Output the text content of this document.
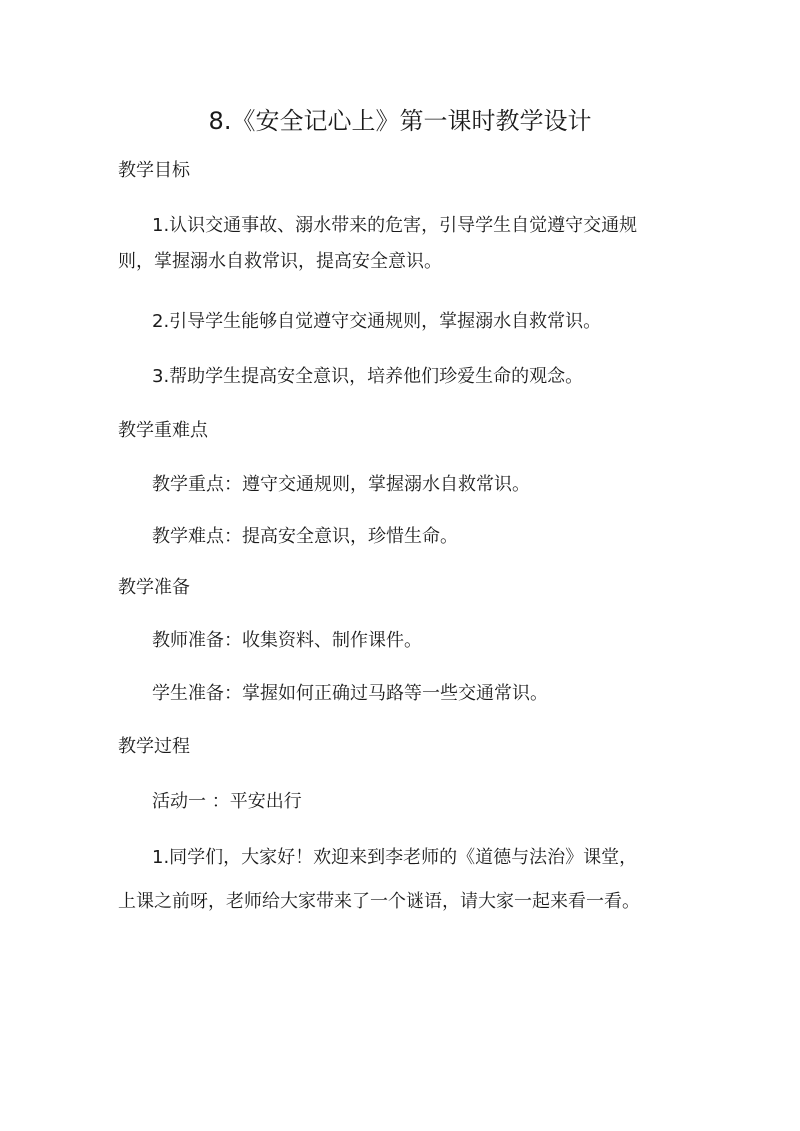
8.《安全记心上》第一课时教学设计
教学目标
1.认识交通事故、溺水带来的危害，引导学生自觉遵守交通规
则，掌握溺水自救常识，提高安全意识。
2.引导学生能够自觉遵守交通规则，掌握溺水自救常识。
3.帮助学生提高安全意识，培养他们珍爱生命的观念。
教学重难点
教学重点：遵守交通规则，掌握溺水自救常识。
教学难点：提高安全意识，珍惜生命。
教学准备
教师准备：收集资料、制作课件。
学生准备：掌握如何正确过马路等一些交通常识。
教学过程
活动一 ：平安出行
1.同学们，大家好！欢迎来到李老师的《道德与法治》课堂，
上课之前呀，老师给大家带来了一个谜语，请大家一起来看一看。
